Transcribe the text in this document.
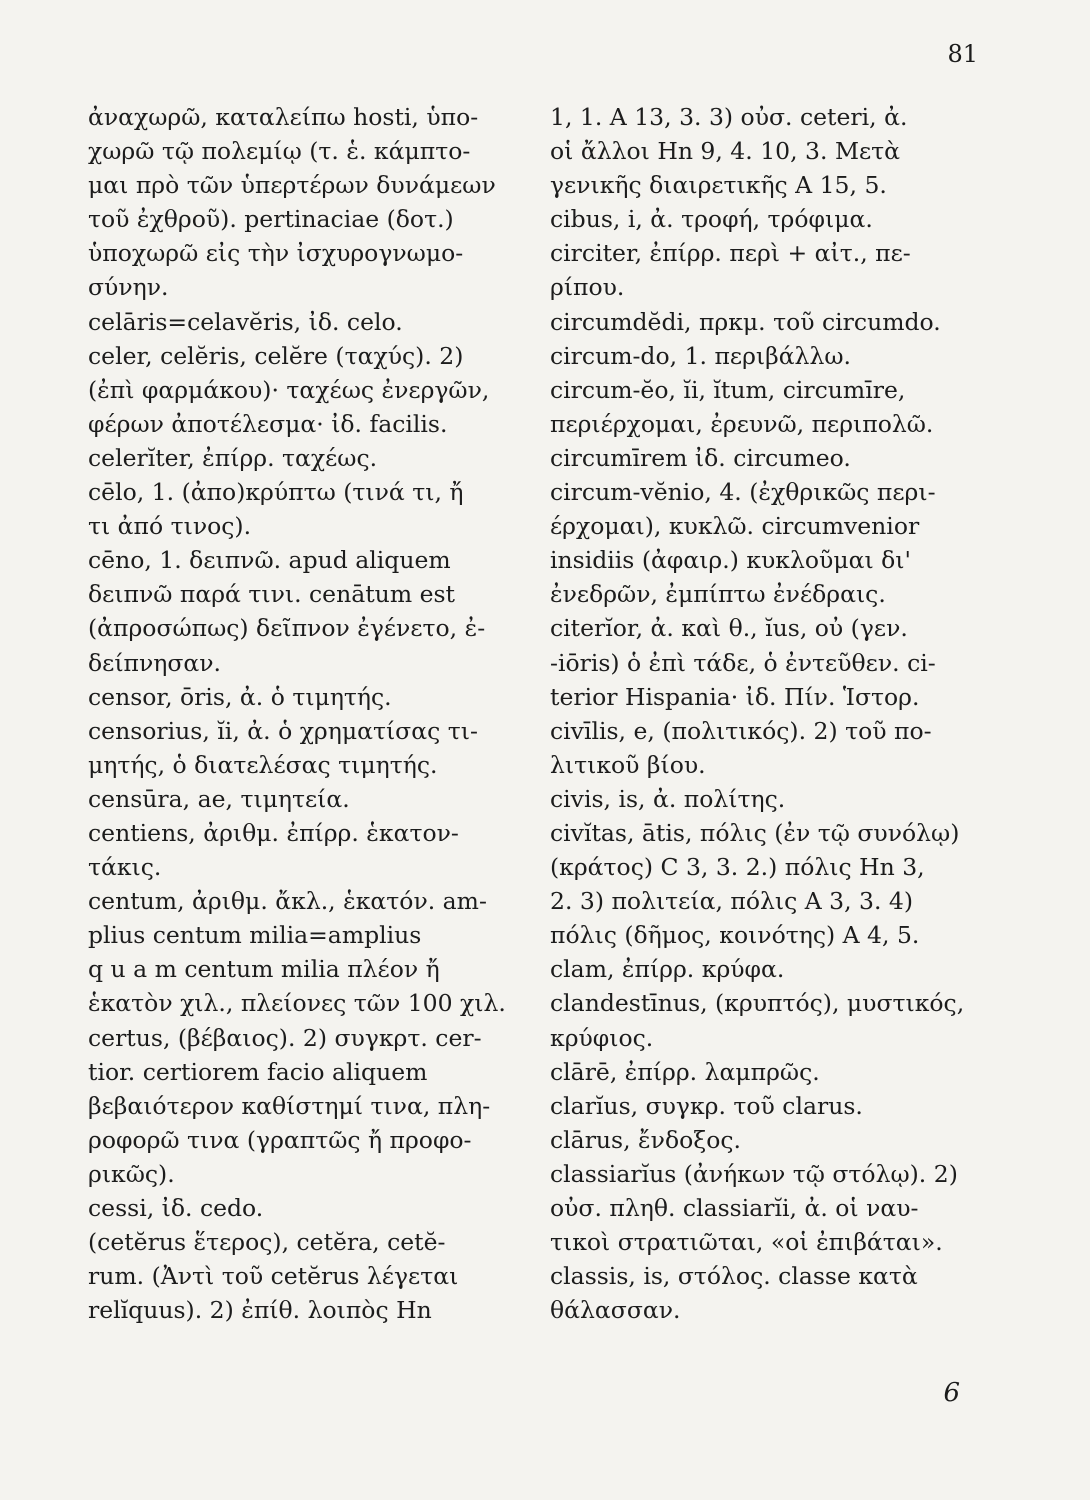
81
ἀναχωρῶ, καταλείπω hosti, ὑπο-
χωρῶ τῷ πολεμίῳ (τ. ἑ. κάμπτο-
μαι πρὸ τῶν ὑπερτέρων δυνάμεων
τοῦ ἐχθροῦ). pertinaciae (δοτ.)
ὑποχωρῶ εἰς τὴν ἰσχυρογνωμο-
σύνην.
celāris=celavĕris, ἰδ. celo.
celer, celĕris, celĕre (ταχύς). 2)
(ἐπὶ φαρμάκου)· ταχέως ἐνεργῶν,
φέρων ἀποτέλεσμα· ἰδ. facilis.
celerĭter, ἐπίρρ. ταχέως.
cēlo, 1. (ἀπο)κρύπτω (τινά τι, ἤ
τι ἀπό τινος).
cēno, 1. δειπνῶ. apud aliquem
δειπνῶ παρά τινι. cenātum est
(ἀπροσώπως) δεῖπνον ἐγένετο, ἐ-
δείπνησαν.
censor, ōris, ἀ. ὁ τιμητής.
censorius, ĭi, ἀ. ὁ χρηματίσας τι-
μητής, ὁ διατελέσας τιμητής.
censūra, ae, τιμητεία.
centiens, ἀριθμ. ἐπίρρ. ἑκατον-
τάκις.
centum, ἀριθμ. ἄκλ., ἑκατόν. am-
plius centum milia=amplius
q u a m centum milia πλέον ἤ
ἑκατὸν χιλ., πλείονες τῶν 100 χιλ.
certus, (βέβαιος). 2) συγκρτ. cer-
tior. certiorem facio aliquem
βεβαιότερον καθίστημί τινα, πλη-
ροφορῶ τινα (γραπτῶς ἤ προφο-
ρικῶς).
cessi, ἰδ. cedo.
(cetĕrus ἕτερος), cetĕra, cetĕ-
rum. (Ἀντὶ τοῦ cetĕrus λέγεται
relĭquus). 2) ἐπίθ. λοιπὸς Hn
1, 1. A 13, 3. 3) οὐσ. ceteri, ἀ.
οἱ ἄλλοι Hn 9, 4. 10, 3. Μετὰ
γενικῆς διαιρετικῆς A 15, 5.
cibus, i, ἀ. τροφή, τρόφιμα.
circiter, ἐπίρρ. περὶ + αἰτ., πε-
ρίπου.
circumdĕdi, πρκμ. τοῦ circumdo.
circum-do, 1. περιβάλλω.
circum-ĕo, ĭi, ĭtum, circumīre,
περιέρχομαι, ἐρευνῶ, περιπολῶ.
circumīrem ἰδ. circumeo.
circum-vĕnio, 4. (ἐχθρικῶς περι-
έρχομαι), κυκλῶ. circumvenior
insidiis (ἀφαιρ.) κυκλοῦμαι δι'
ἐνεδρῶν, ἐμπίπτω ἐνέδραις.
citerĭor, ἀ. καὶ θ., ĭus, οὐ (γεν.
-iōris) ὁ ἐπὶ τάδε, ὁ ἐντεῦθεν. ci-
terior Hispania· ἰδ. Πίν. Ἱστορ.
civīlis, e, (πολιτικός). 2) τοῦ πο-
λιτικοῦ βίου.
civis, is, ἀ. πολίτης.
civĭtas, ātis, πόλις (ἐν τῷ συνόλῳ)
(κράτος) C 3, 3. 2.) πόλις Hn 3,
2. 3) πολιτεία, πόλις A 3, 3. 4)
πόλις (δῆμος, κοινότης) A 4, 5.
clam, ἐπίρρ. κρύφα.
clandestīnus, (κρυπτός), μυστικός,
κρύφιος.
clārē, ἐπίρρ. λαμπρῶς.
clarĭus, συγκρ. τοῦ clarus.
clārus, ἔνδοξος.
classiarĭus (ἀνήκων τῷ στόλῳ). 2)
οὐσ. πληθ. classiarĭi, ἀ. οἱ ναυ-
τικοὶ στρατιῶται, «οἱ ἐπιβάται».
classis, is, στόλος. classe κατὰ
θάλασσαν.
6
